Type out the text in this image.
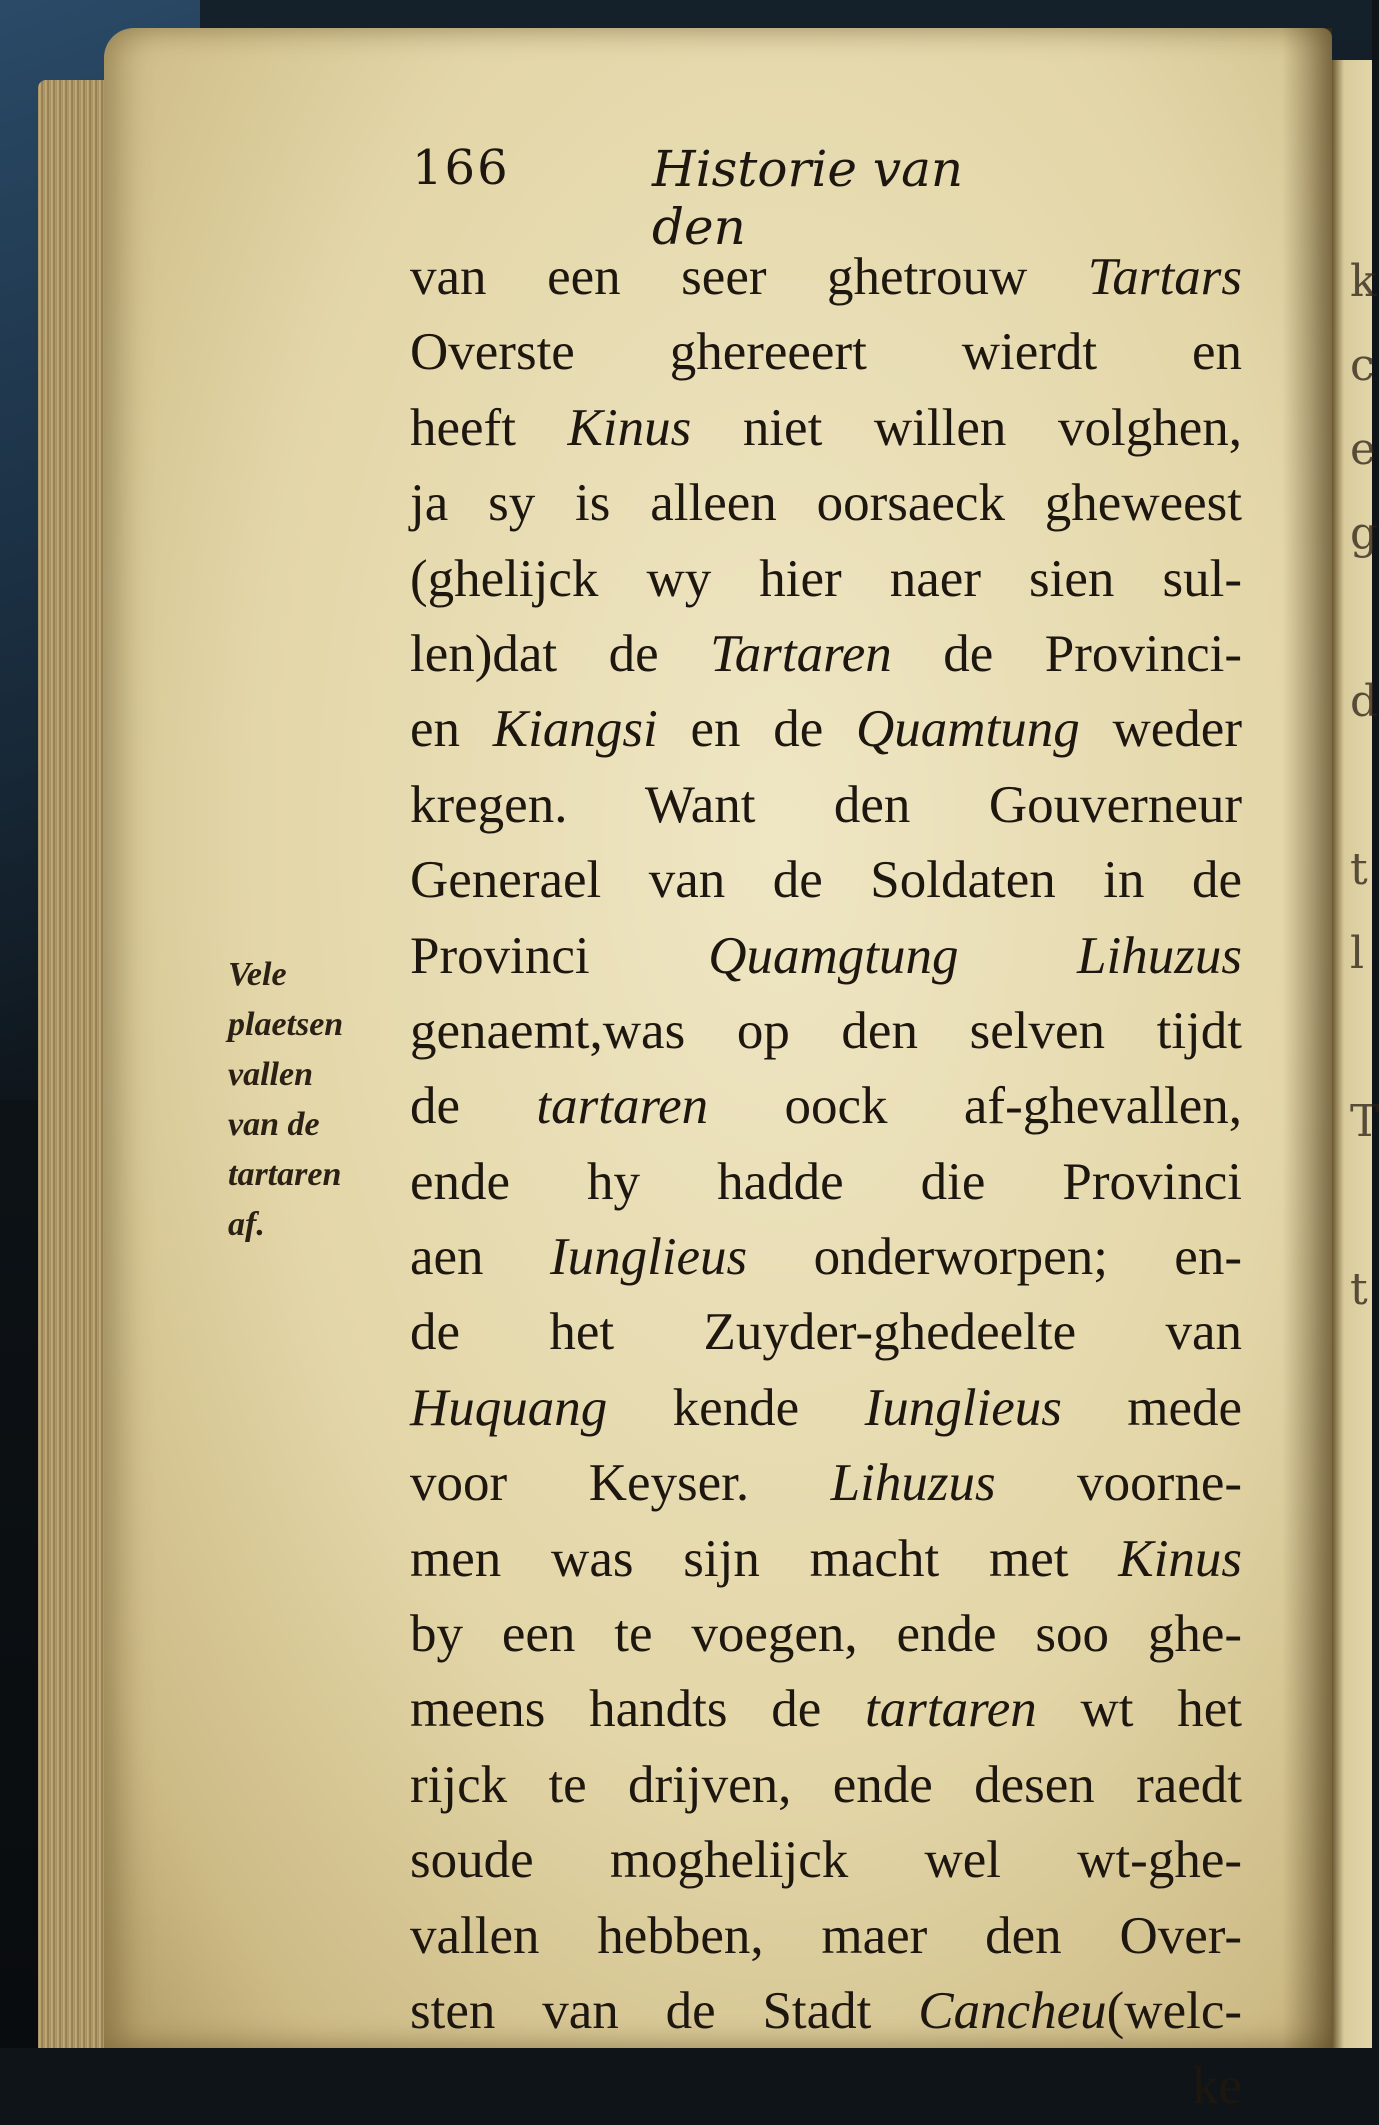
k
c
e
g

d

t
l

T

t
166	Historie van den
Vele
plaetsen
vallen
van de
tartaren
af.
van een seer ghetrouw Tartars
Overste ghereeert wierdt en
heeft Kinus niet willen volghen,
ja sy is alleen oorsaeck gheweest
(ghelijck wy hier naer sien sul-
len)dat de Tartaren de Provinci-
en Kiangsi en de Quamtung weder
kregen. Want den Gouverneur
Generael van de Soldaten in de
Provinci Quamgtung Lihuzus
genaemt,was op den selven tijdt
de tartaren oock af-ghevallen,
ende hy hadde die Provinci
aen Iunglieus onderworpen; en-
de het Zuyder-ghedeelte van
Huquang kende Iunglieus mede
voor Keyser. Lihuzus voorne-
men was sijn macht met Kinus
by een te voegen, ende soo ghe-
meens handts de tartaren wt het
rijck te drijven, ende desen raedt
soude moghelijck wel wt-ghe-
vallen hebben, maer den Over-
sten van de Stadt Cancheu(welc-
ke
